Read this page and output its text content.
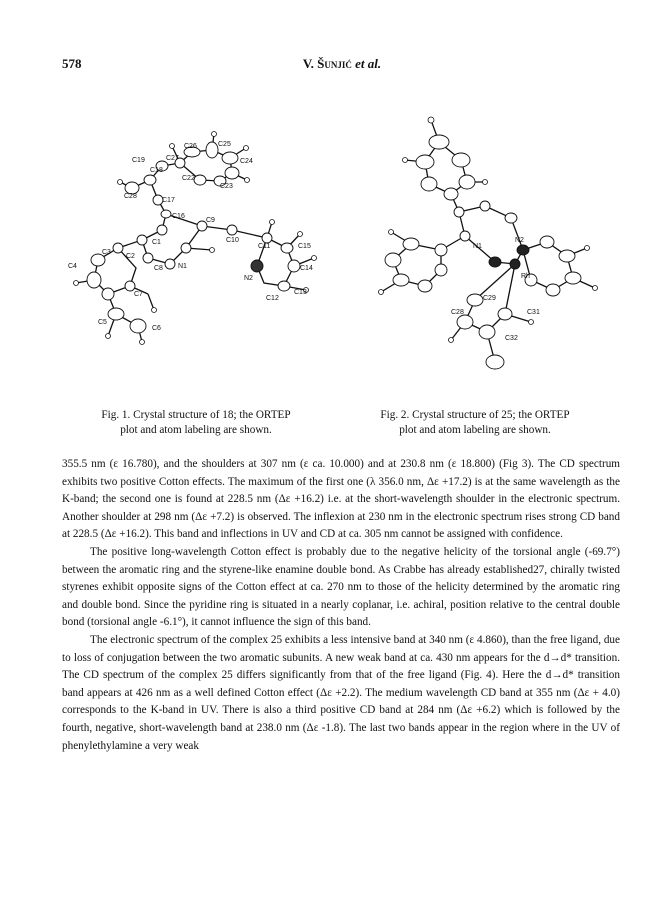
578	V. Šunjić et al.
C26	C25
C24
C27
C19
C18
C22
C23
C28
C17
C16
C9
C10
C11	C15
C14
C3
C2
C1
C8 N1
C4
C7
C5
C6
N2
C13
C12
N1
N2
Rh
C29
C28	C31
C32
Fig. 1. Crystal structure of 18; the ORTEP
plot and atom labeling are shown.
Fig. 2. Crystal structure of 25; the ORTEP
plot and atom labeling are shown.

355.5 nm (ε 16.780), and the shoulders at 307 nm (ε ca. 10.000) and at 230.8 nm (ε 18.800) (Fig 3). The CD spectrum exhibits two positive Cotton effects. The maximum of the first one (λ 356.0 nm, Δε +17.2) is at the same wavelength as the K-band; the second one is found at 228.5 nm (Δε +16.2) i.e. at the short-wavelength shoulder in the electronic spectrum. Another shoulder at 298 nm (Δε +7.2) is observed. The inflexion at 230 nm in the electronic spectrum rises strong CD band at 228.5 (Δε +16.2). This band and inflections in UV and CD at ca. 305 nm cannot be assigned with confidence.

The positive long-wavelength Cotton effect is probably due to the negative helicity of the torsional angle (-69.7°) between the aromatic ring and the styrene-like enamine double bond. As Crabbe has already established27, chirally twisted styrenes exhibit opposite signs of the Cotton effect at ca. 270 nm to those of the helicity determined by the aromatic ring and double bond. Since the pyridine ring is situated in a nearly coplanar, i.e. achiral, position relative to the central double bond (torsional angle -6.1°), it cannot influence the sign of this band.

The electronic spectrum of the complex 25 exhibits a less intensive band at 340 nm (ε 4.860), than the free ligand, due to loss of conjugation between the two aromatic subunits. A new weak band at ca. 430 nm appears for the d→d* transition. The CD spectrum of the complex 25 differs significantly from that of the free ligand (Fig. 4). Here the d→d* transition band appears at 426 nm as a well defined Cotton effect (Δε +2.2). The medium wavelength CD band at 355 nm (Δε + 4.0) corresponds to the K-band in UV. There is also a third positive CD band at 284 nm (Δε +6.2) which is followed by the fourth, negative, short-wavelength band at 238.0 nm (Δε -1.8). The last two bands appear in the region where in the UV of phenylethylamine a very weak
